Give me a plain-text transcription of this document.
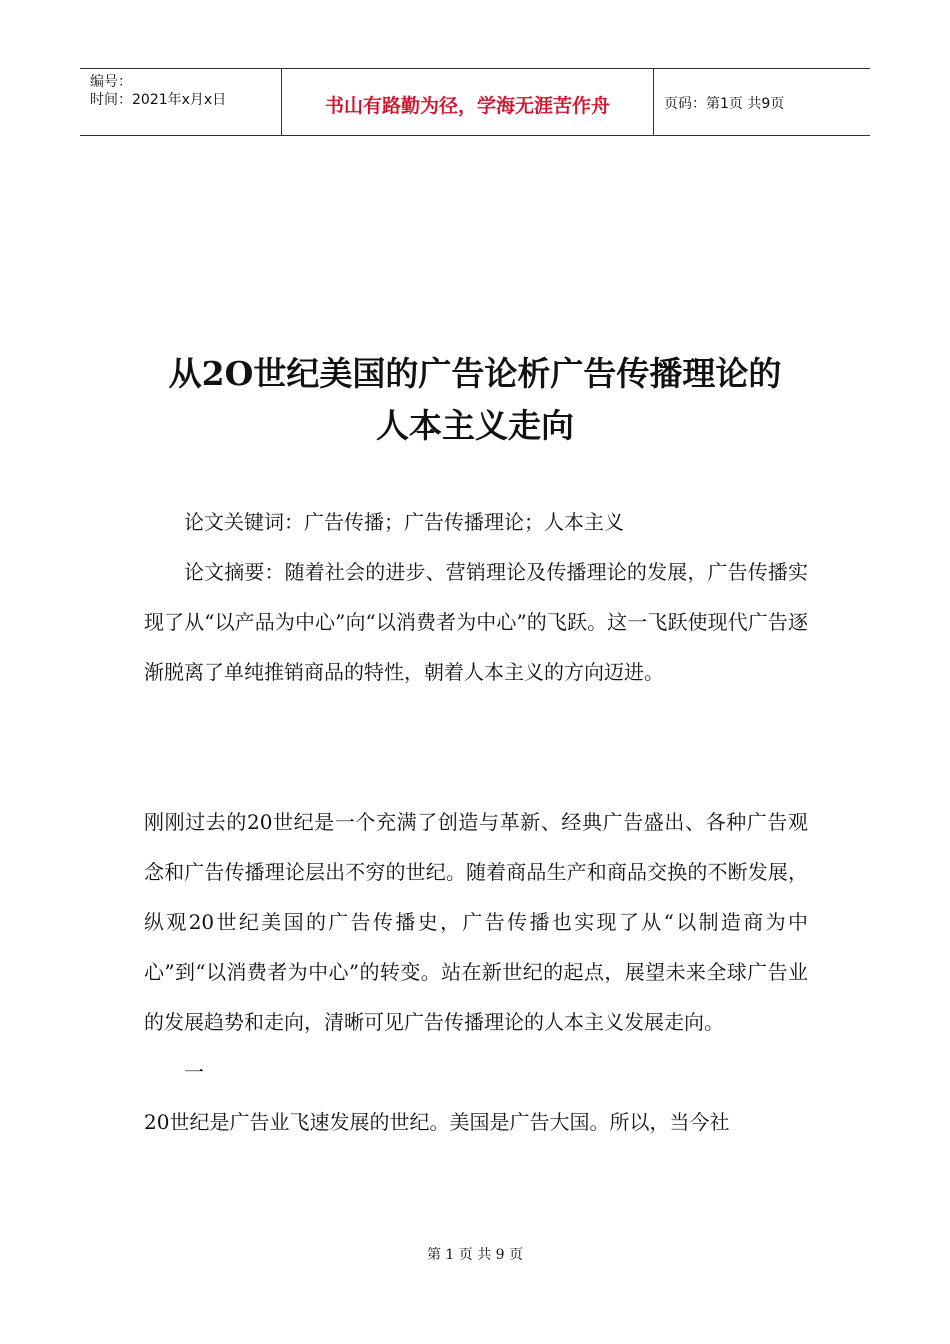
编号：
时间：2021年x月x日	书山有路勤为径，学海无涯苦作舟	页码：第1页 共9页
从2O世纪美国的广告论析广告传播理论的
人本主义走向

论文关键词：广告传播；广告传播理论；人本主义

论文摘要：随着社会的进步、营销理论及传播理论的发展，广告传播实现了从“以产品为中心”向“以消费者为中心”的飞跃。这一飞跃使现代广告逐渐脱离了单纯推销商品的特性，朝着人本主义的方向迈进。

刚刚过去的20世纪是一个充满了创造与革新、经典广告盛出、各种广告观念和广告传播理论层出不穷的世纪。随着商品生产和商品交换的不断发展，纵观20世纪美国的广告传播史，广告传播也实现了从“以制造商为中心”到“以消费者为中心”的转变。站在新世纪的起点，展望未来全球广告业的发展趋势和走向，清晰可见广告传播理论的人本主义发展走向。

一

20世纪是广告业飞速发展的世纪。美国是广告大国。所以，当今社

第 1 页 共 9 页
